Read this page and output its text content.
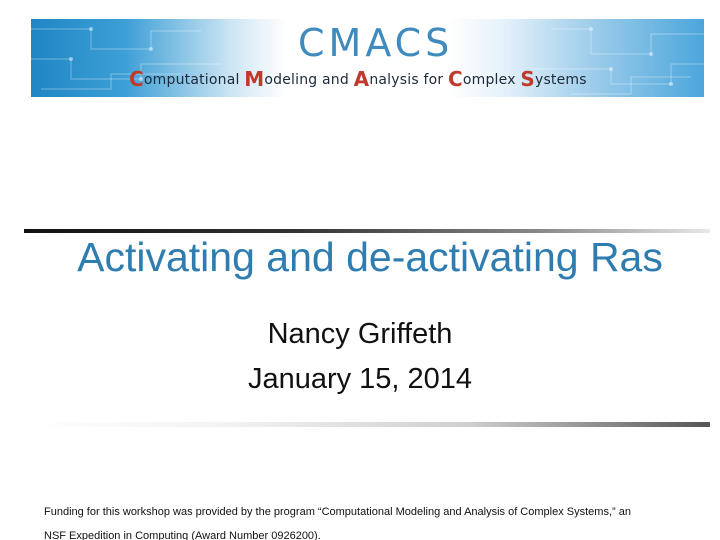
CMACS
Computational Modeling and Analysis for Complex Systems
Activating and de-activating Ras
Nancy Griffeth
January 15, 2014
Funding for this workshop was provided by the program “Computational Modeling and Analysis of Complex Systems,” an
NSF Expedition in Computing (Award Number 0926200).
